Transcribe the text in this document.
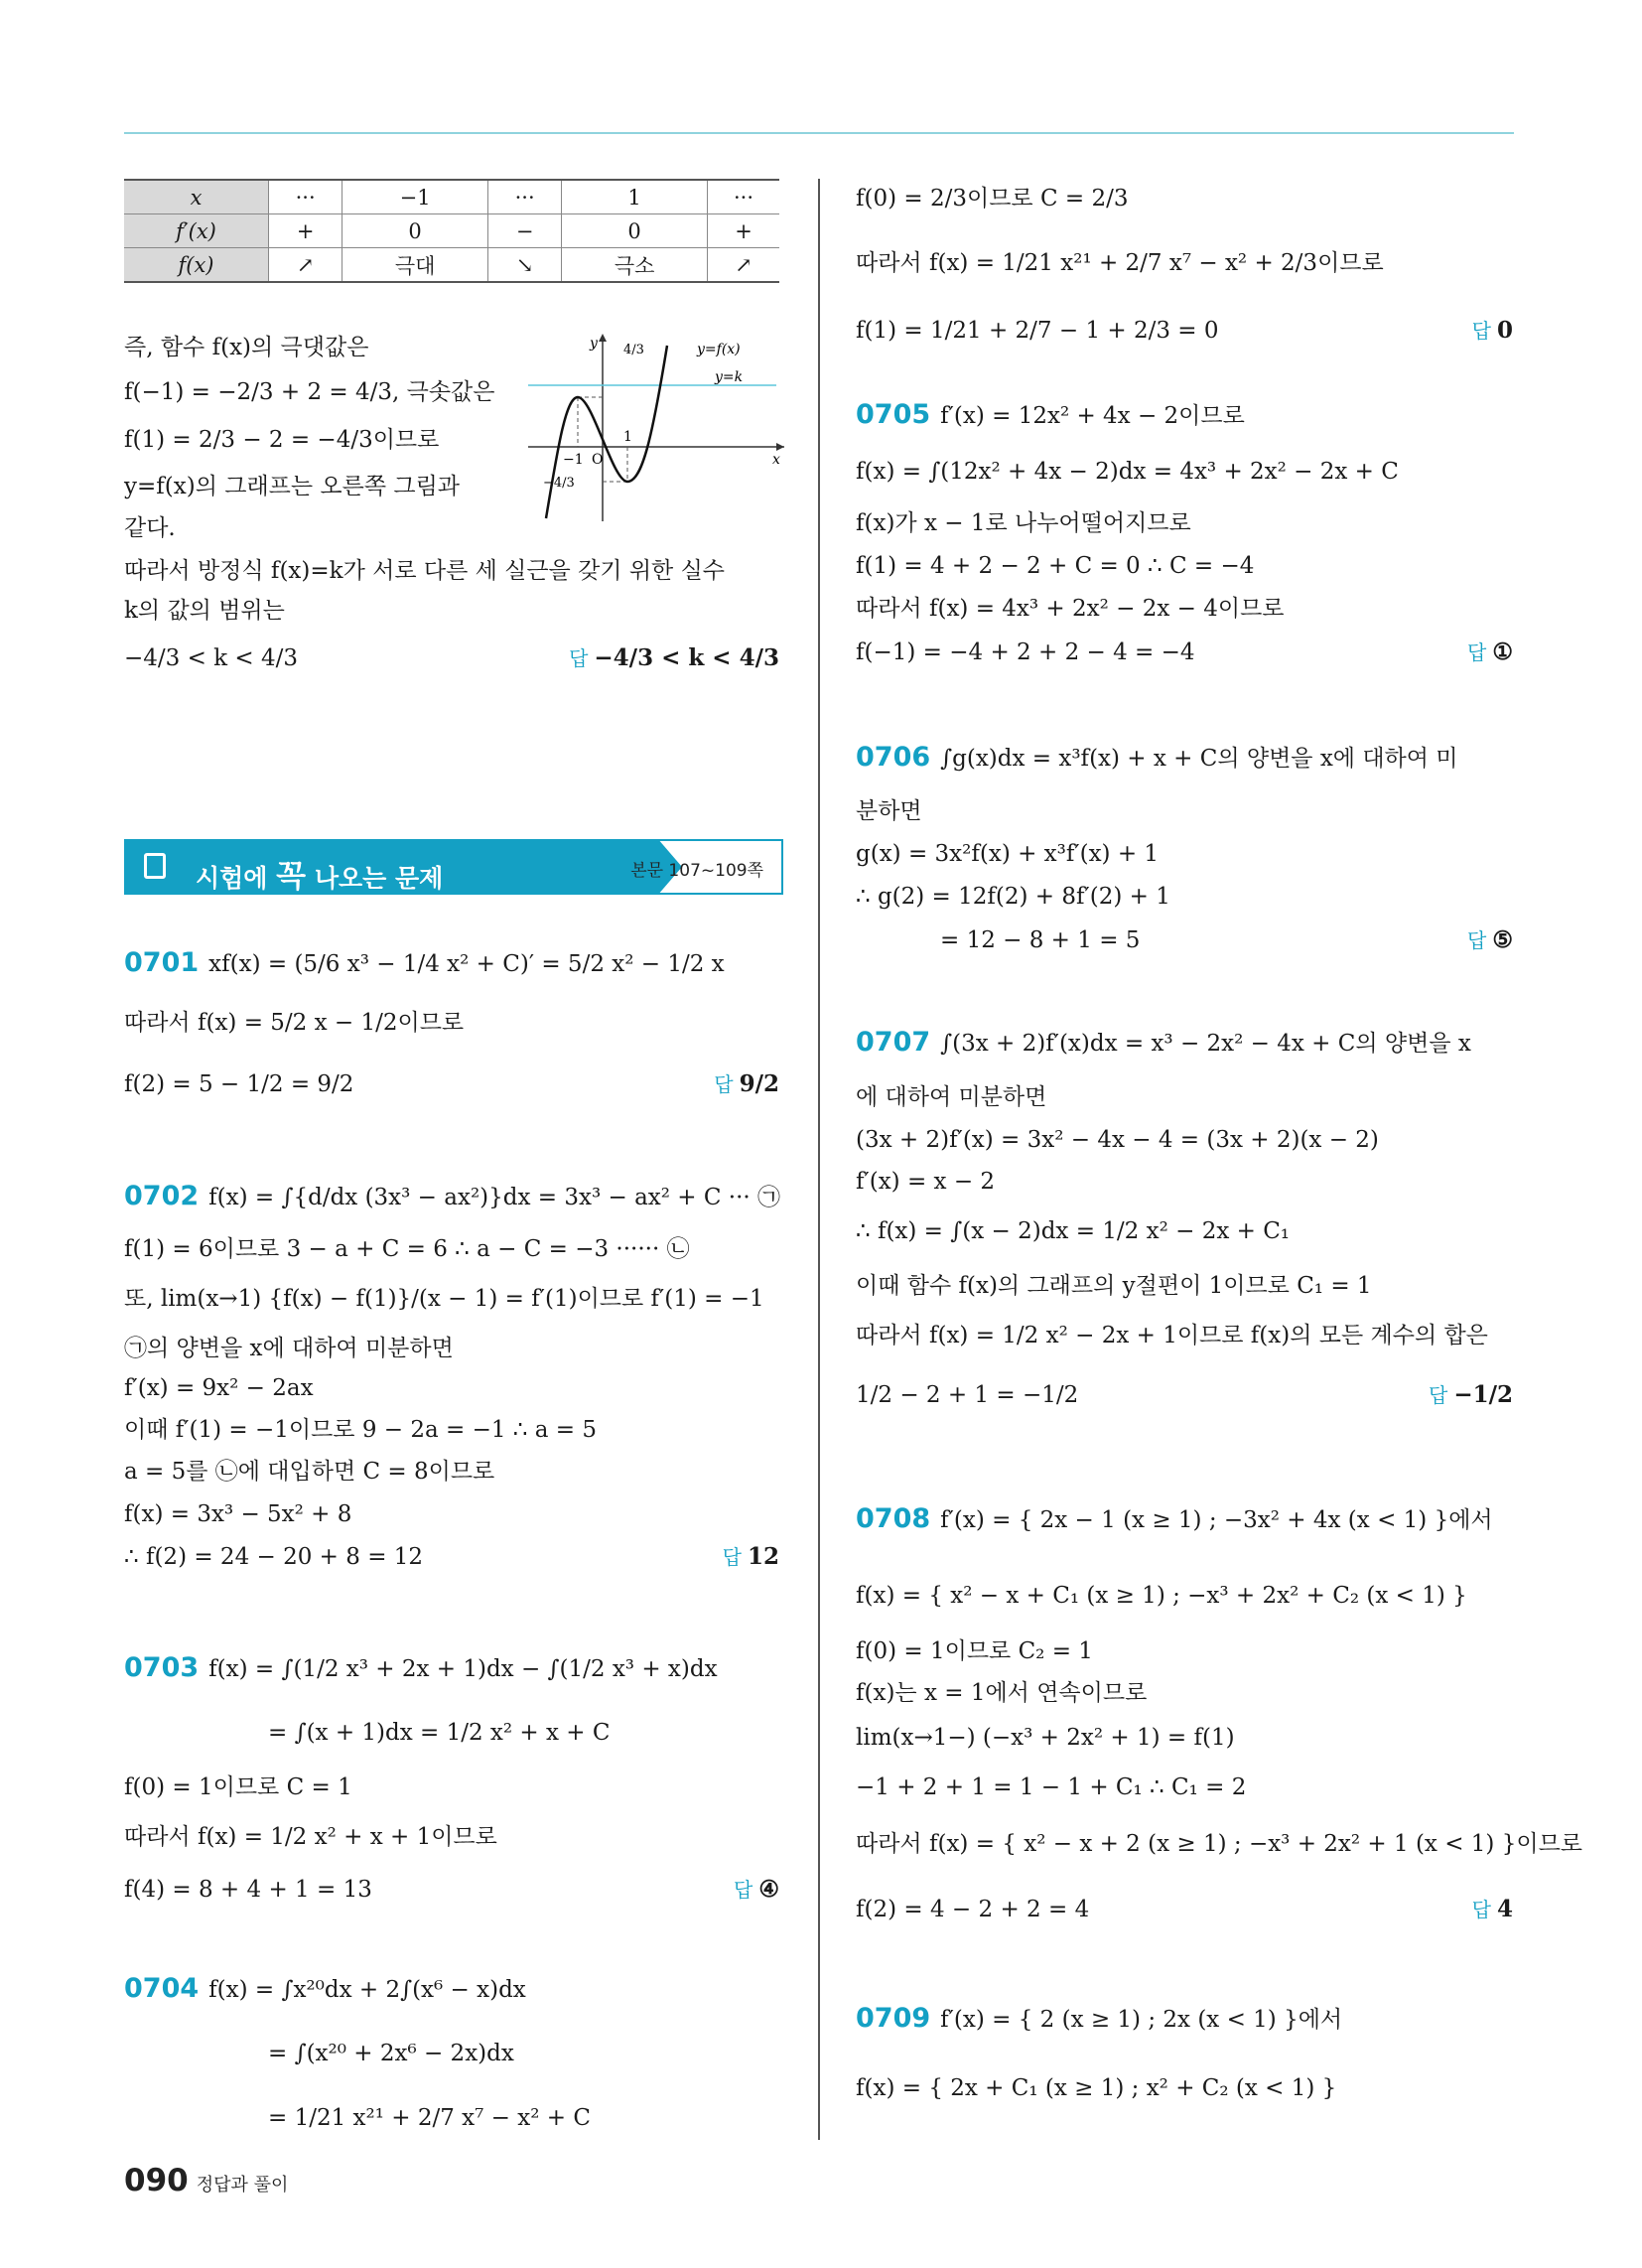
x	···	−1	···	1	···
f′(x)	+	0	−	0	+
f(x)	↗	극대	↘	극소	↗
즉, 함수 f(x)의 극댓값은
f(−1) = −2/3 + 2 = 4/3, 극솟값은
f(1) = 2/3 − 2 = −4/3이므로
y=f(x)의 그래프는 오른쪽 그림과
같다.
따라서 방정식 f(x)=k가 서로 다른 세 실근을 갖기 위한 실수
k의 값의 범위는
−4/3 < k < 4/3	답 −4/3 < k < 4/3
y 4/3	y=f(x)
y=k
−1 O
1
−4/3
x
시험에 꼭 나오는 문제	본문 107~109쪽
0701 xf(x) = (5/6 x³ − 1/4 x² + C)′ = 5/2 x² − 1/2 x
따라서 f(x) = 5/2 x − 1/2이므로
f(2) = 5 − 1/2 = 9/2	답 9/2
0702 f(x) = ∫{d/dx (3x³ − ax²)}dx = 3x³ − ax² + C ··· ㉠
f(1) = 6이므로 3 − a + C = 6 ∴ a − C = −3 ······ ㉡
또, lim(x→1) {f(x) − f(1)}/(x − 1) = f′(1)이므로 f′(1) = −1
㉠의 양변을 x에 대하여 미분하면
f′(x) = 9x² − 2ax
이때 f′(1) = −1이므로 9 − 2a = −1 ∴ a = 5
a = 5를 ㉡에 대입하면 C = 8이므로
f(x) = 3x³ − 5x² + 8
∴ f(2) = 24 − 20 + 8 = 12	답 12
0703 f(x) = ∫(1/2 x³ + 2x + 1)dx − ∫(1/2 x³ + x)dx
= ∫(x + 1)dx = 1/2 x² + x + C
f(0) = 1이므로 C = 1
따라서 f(x) = 1/2 x² + x + 1이므로
f(4) = 8 + 4 + 1 = 13	답 ④
0704 f(x) = ∫x²⁰dx + 2∫(x⁶ − x)dx
= ∫(x²⁰ + 2x⁶ − 2x)dx
= 1/21 x²¹ + 2/7 x⁷ − x² + C
f(0) = 2/3이므로 C = 2/3
따라서 f(x) = 1/21 x²¹ + 2/7 x⁷ − x² + 2/3이므로
f(1) = 1/21 + 2/7 − 1 + 2/3 = 0	답 0
0705 f′(x) = 12x² + 4x − 2이므로
f(x) = ∫(12x² + 4x − 2)dx = 4x³ + 2x² − 2x + C
f(x)가 x − 1로 나누어떨어지므로
f(1) = 4 + 2 − 2 + C = 0 ∴ C = −4
따라서 f(x) = 4x³ + 2x² − 2x − 4이므로
f(−1) = −4 + 2 + 2 − 4 = −4	답 ①
0706 ∫g(x)dx = x³f(x) + x + C의 양변을 x에 대하여 미
분하면
g(x) = 3x²f(x) + x³f′(x) + 1
∴ g(2) = 12f(2) + 8f′(2) + 1
= 12 − 8 + 1 = 5	답 ⑤
0707 ∫(3x + 2)f′(x)dx = x³ − 2x² − 4x + C의 양변을 x
에 대하여 미분하면
(3x + 2)f′(x) = 3x² − 4x − 4 = (3x + 2)(x − 2)
f′(x) = x − 2
∴ f(x) = ∫(x − 2)dx = 1/2 x² − 2x + C₁
이때 함수 f(x)의 그래프의 y절편이 1이므로 C₁ = 1
따라서 f(x) = 1/2 x² − 2x + 1이므로 f(x)의 모든 계수의 합은
1/2 − 2 + 1 = −1/2	답 −1/2
0708 f′(x) = { 2x − 1 (x ≥ 1) ; −3x² + 4x (x < 1) }에서
f(x) = { x² − x + C₁ (x ≥ 1) ; −x³ + 2x² + C₂ (x < 1) }
f(0) = 1이므로 C₂ = 1
f(x)는 x = 1에서 연속이므로
lim(x→1−) (−x³ + 2x² + 1) = f(1)
−1 + 2 + 1 = 1 − 1 + C₁ ∴ C₁ = 2
따라서 f(x) = { x² − x + 2 (x ≥ 1) ; −x³ + 2x² + 1 (x < 1) }이므로
f(2) = 4 − 2 + 2 = 4	답 4
0709 f′(x) = { 2 (x ≥ 1) ; 2x (x < 1) }에서
f(x) = { 2x + C₁ (x ≥ 1) ; x² + C₂ (x < 1) }
090 정답과 풀이
